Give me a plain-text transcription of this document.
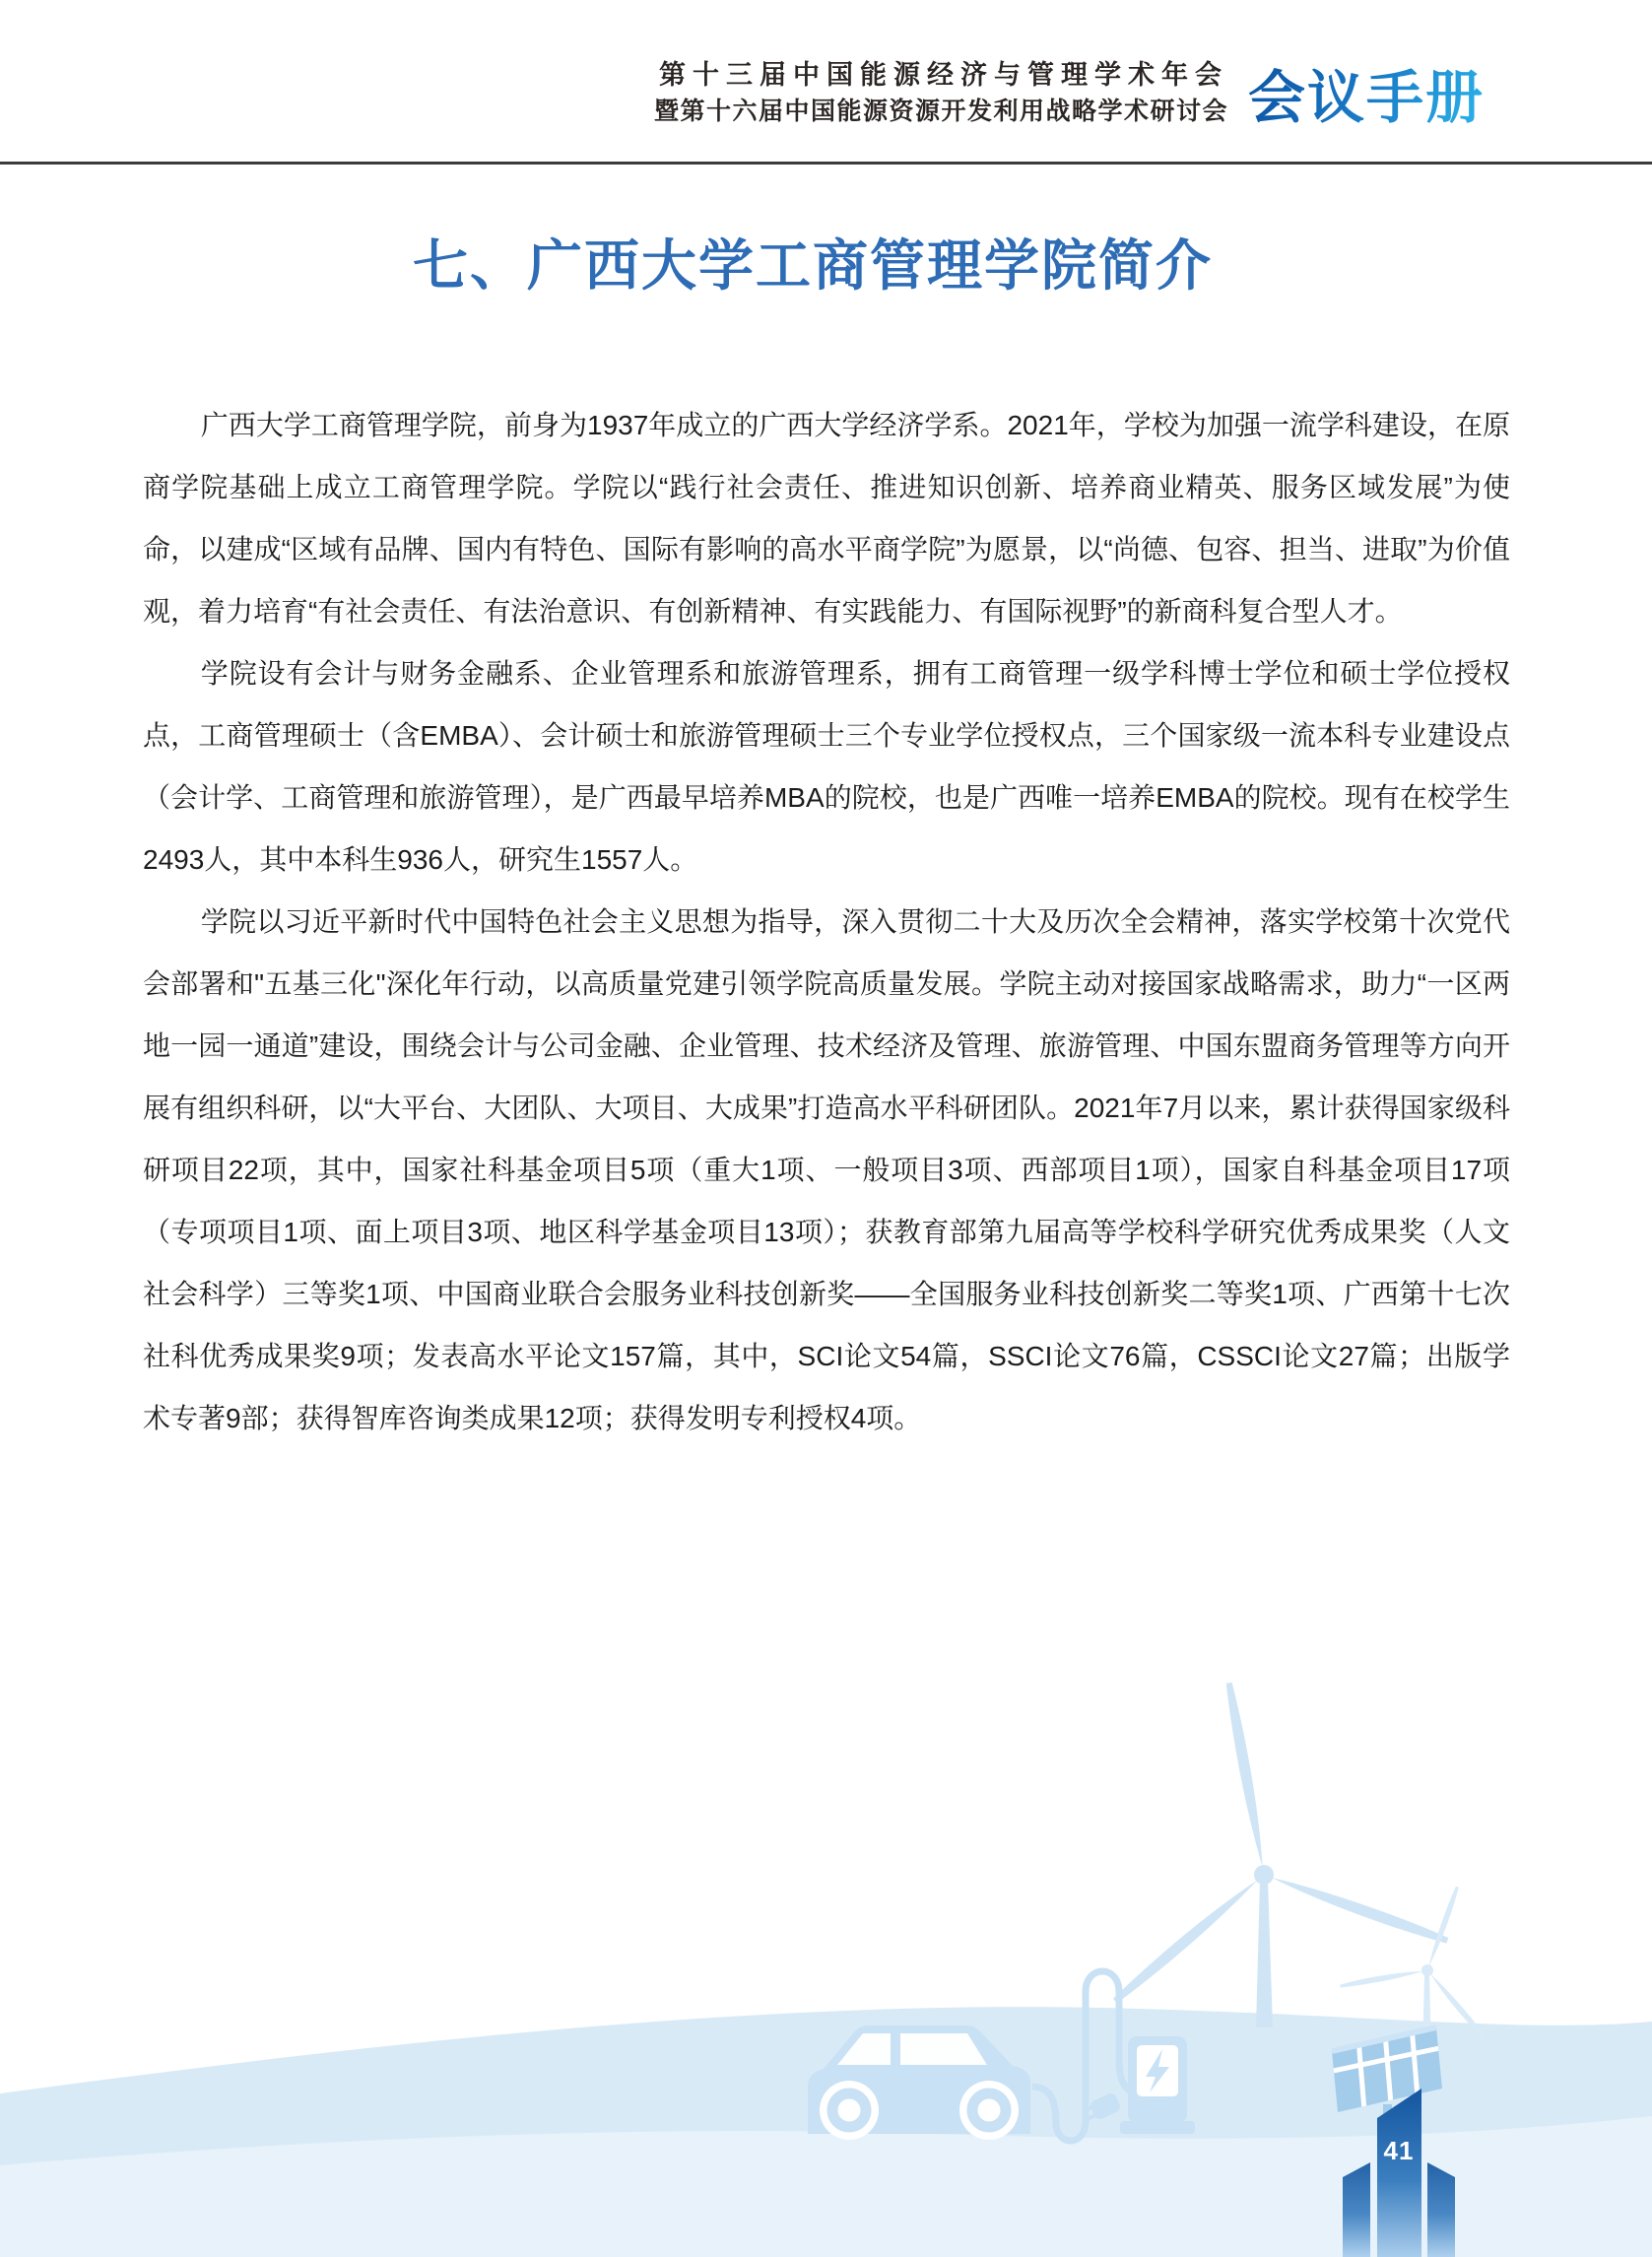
第十三届中国能源经济与管理学术年会
暨第十六届中国能源资源开发利用战略学术研讨会 会议手册
七、广西大学工商管理学院简介

广西大学工商管理学院，前身为1937年成立的广西大学经济学系。2021年，学校为加强一流学科建设，在原商学院基础上成立工商管理学院。学院以“践行社会责任、推进知识创新、培养商业精英、服务区域发展”为使命，以建成“区域有品牌、国内有特色、国际有影响的高水平商学院”为愿景，以“尚德、包容、担当、进取”为价值观，着力培育“有社会责任、有法治意识、有创新精神、有实践能力、有国际视野”的新商科复合型人才。

学院设有会计与财务金融系、企业管理系和旅游管理系，拥有工商管理一级学科博士学位和硕士学位授权点，工商管理硕士（含EMBA）、会计硕士和旅游管理硕士三个专业学位授权点，三个国家级一流本科专业建设点（会计学、工商管理和旅游管理），是广西最早培养MBA的院校，也是广西唯一培养EMBA的院校。现有在校学生2493人，其中本科生936人，研究生1557人。

学院以习近平新时代中国特色社会主义思想为指导，深入贯彻二十大及历次全会精神，落实学校第十次党代会部署和"五基三化"深化年行动，以高质量党建引领学院高质量发展。学院主动对接国家战略需求，助力“一区两地一园一通道”建设，围绕会计与公司金融、企业管理、技术经济及管理、旅游管理、中国东盟商务管理等方向开展有组织科研，以“大平台、大团队、大项目、大成果”打造高水平科研团队。2021年7月以来，累计获得国家级科研项目22项，其中，国家社科基金项目5项（重大1项、一般项目3项、西部项目1项），国家自科基金项目17项（专项项目1项、面上项目3项、地区科学基金项目13项）；获教育部第九届高等学校科学研究优秀成果奖（人文社会科学）三等奖1项、中国商业联合会服务业科技创新奖——全国服务业科技创新奖二等奖1项、广西第十七次社科优秀成果奖9项；发表高水平论文157篇，其中，SCI论文54篇，SSCI论文76篇，CSSCI论文27篇；出版学术专著9部；获得智库咨询类成果12项；获得发明专利授权4项。

41
